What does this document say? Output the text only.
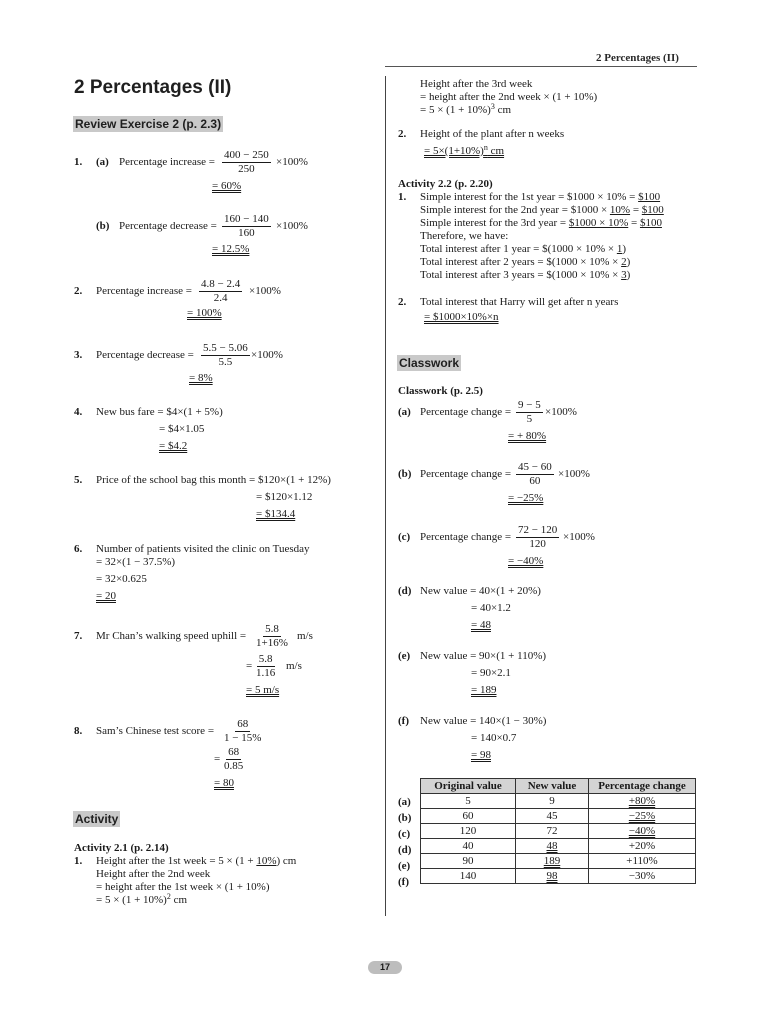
2 Percentages (II)
2 Percentages (II)
Review Exercise 2 (p. 2.3)
1. (a) Percentage increase = $\frac{400 - 250}{250} \times 100\%$
= 60%
(b) Percentage decrease = $\frac{160 - 140}{160} \times 100\%$
= 12.5%
2. Percentage increase = $\frac{4.8 - 2.4}{2.4} \times 100\%$
= 100%
3. Percentage decrease = $\frac{5.5 - 5.06}{5.5} \times 100\%$
= 8%
4. New bus fare = $4×(1 + 5%)
= $4×1.05
= $4.2
5. Price of the school bag this month = $120×(1 + 12%)
= $120×1.12
= $134.4
6. Number of patients visited the clinic on Tuesday
= 32×(1 − 37.5%)
= 32×0.625
= 20
7. Mr Chan’s walking speed uphill = $\frac{5.8}{1+16\%} m/s$
= $\frac{5.8}{1.16} m/s$
= 5 m/s
8. Sam’s Chinese test score = $\frac{68}{1 - 15\%}$
= $\frac{68}{0.85}$
= 80
Activity
Activity 2.1 (p. 2.14)
1. Height after the 1st week = 5 × (1 + 10%) cm
Height after the 2nd week
= height after the 1st week × (1 + 10%)
= $5 \times (1 + 10\%)^2$ cm
Height after the 3rd week
= height after the 2nd week × (1 + 10%)
= $5 \times (1 + 10\%)^3$ cm
2. Height of the plant after n weeks
= $5\times(1+10\%)^n$ cm
Activity 2.2 (p. 2.20)
1. Simple interest for the 1st year = $1000 × 10% = $100
Simple interest for the 2nd year = $1000 × 10% = $100
Simple interest for the 3rd year = $1000 × 10% = $100
Therefore, we have:
Total interest after 1 year = $(1000 × 10% × 1)
Total interest after 2 years = $(1000 × 10% × 2)
Total interest after 3 years = $(1000 × 10% × 3)
2. Total interest that Harry will get after n years
= $1000×10%×n
Classwork
Classwork (p. 2.5)
(a) Percentage change = $\frac{9 - 5}{5} \times 100\%$
= + 80%
(b) Percentage change = $\frac{45 - 60}{60} \times 100\%$
= −25%
(c) Percentage change = $\frac{72 - 120}{120} \times 100\%$
= −40%
(d) New value = 40×(1 + 20%)
= 40×1.2
= 48
(e) New value = 90×(1 + 110%)
= 90×2.1
= 189
(f) New value = 140×(1 − 30%)
= 140×0.7
= 98
(a)
(b)
(c)
(d)
(e)
(f)
Original value	New value	Percentage change
5	9	+80%
60	45	−25%
120	72	−40%
40	48	+20%
90	189	+110%
140	98	−30%
17
